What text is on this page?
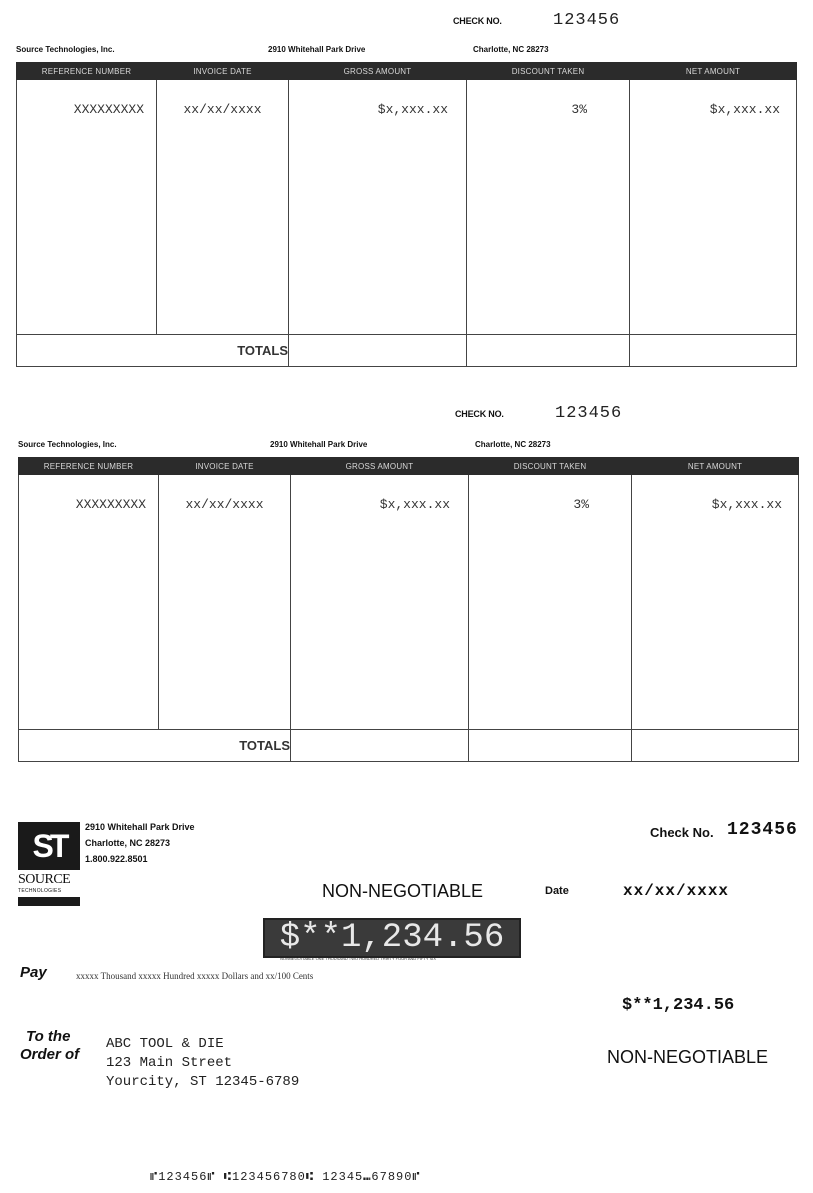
CHECK NO.	123456
Source Technologies, Inc.	2910 Whitehall Park Drive	Charlotte, NC 28273
REFERENCE NUMBER	INVOICE DATE	GROSS AMOUNT	DISCOUNT TAKEN	NET AMOUNT
XXXXXXXXX	xx/xx/xxxx	$x,xxx.xx	3%	$x,xxx.xx
TOTALS				
CHECK NO.	123456
Source Technologies, Inc.	2910 Whitehall Park Drive	Charlotte, NC 28273
REFERENCE NUMBER	INVOICE DATE	GROSS AMOUNT	DISCOUNT TAKEN	NET AMOUNT
XXXXXXXXX	xx/xx/xxxx	$x,xxx.xx	3%	$x,xxx.xx
TOTALS				
ST
SOURCE
TECHNOLOGIES
2910 Whitehall Park Drive
Charlotte, NC 28273
1.800.922.8501
Check No. 123456
NON-NEGOTIABLE	Date	xx/xx/xxxx
$**1,234.56
NONNEGOTIABLE ONE THOUSAND TWO HUNDRED THIRTY FOUR AND FIFTY SIX
Pay	xxxxx Thousand xxxxx Hundred xxxxx Dollars and xx/100 Cents
$**1,234.56
To the
Order of
ABC TOOL & DIE
123 Main Street
Yourcity, ST 12345-6789
NON-NEGOTIABLE
⑈123456⑈ ⑆123456780⑆ 12345⑉67890⑈
